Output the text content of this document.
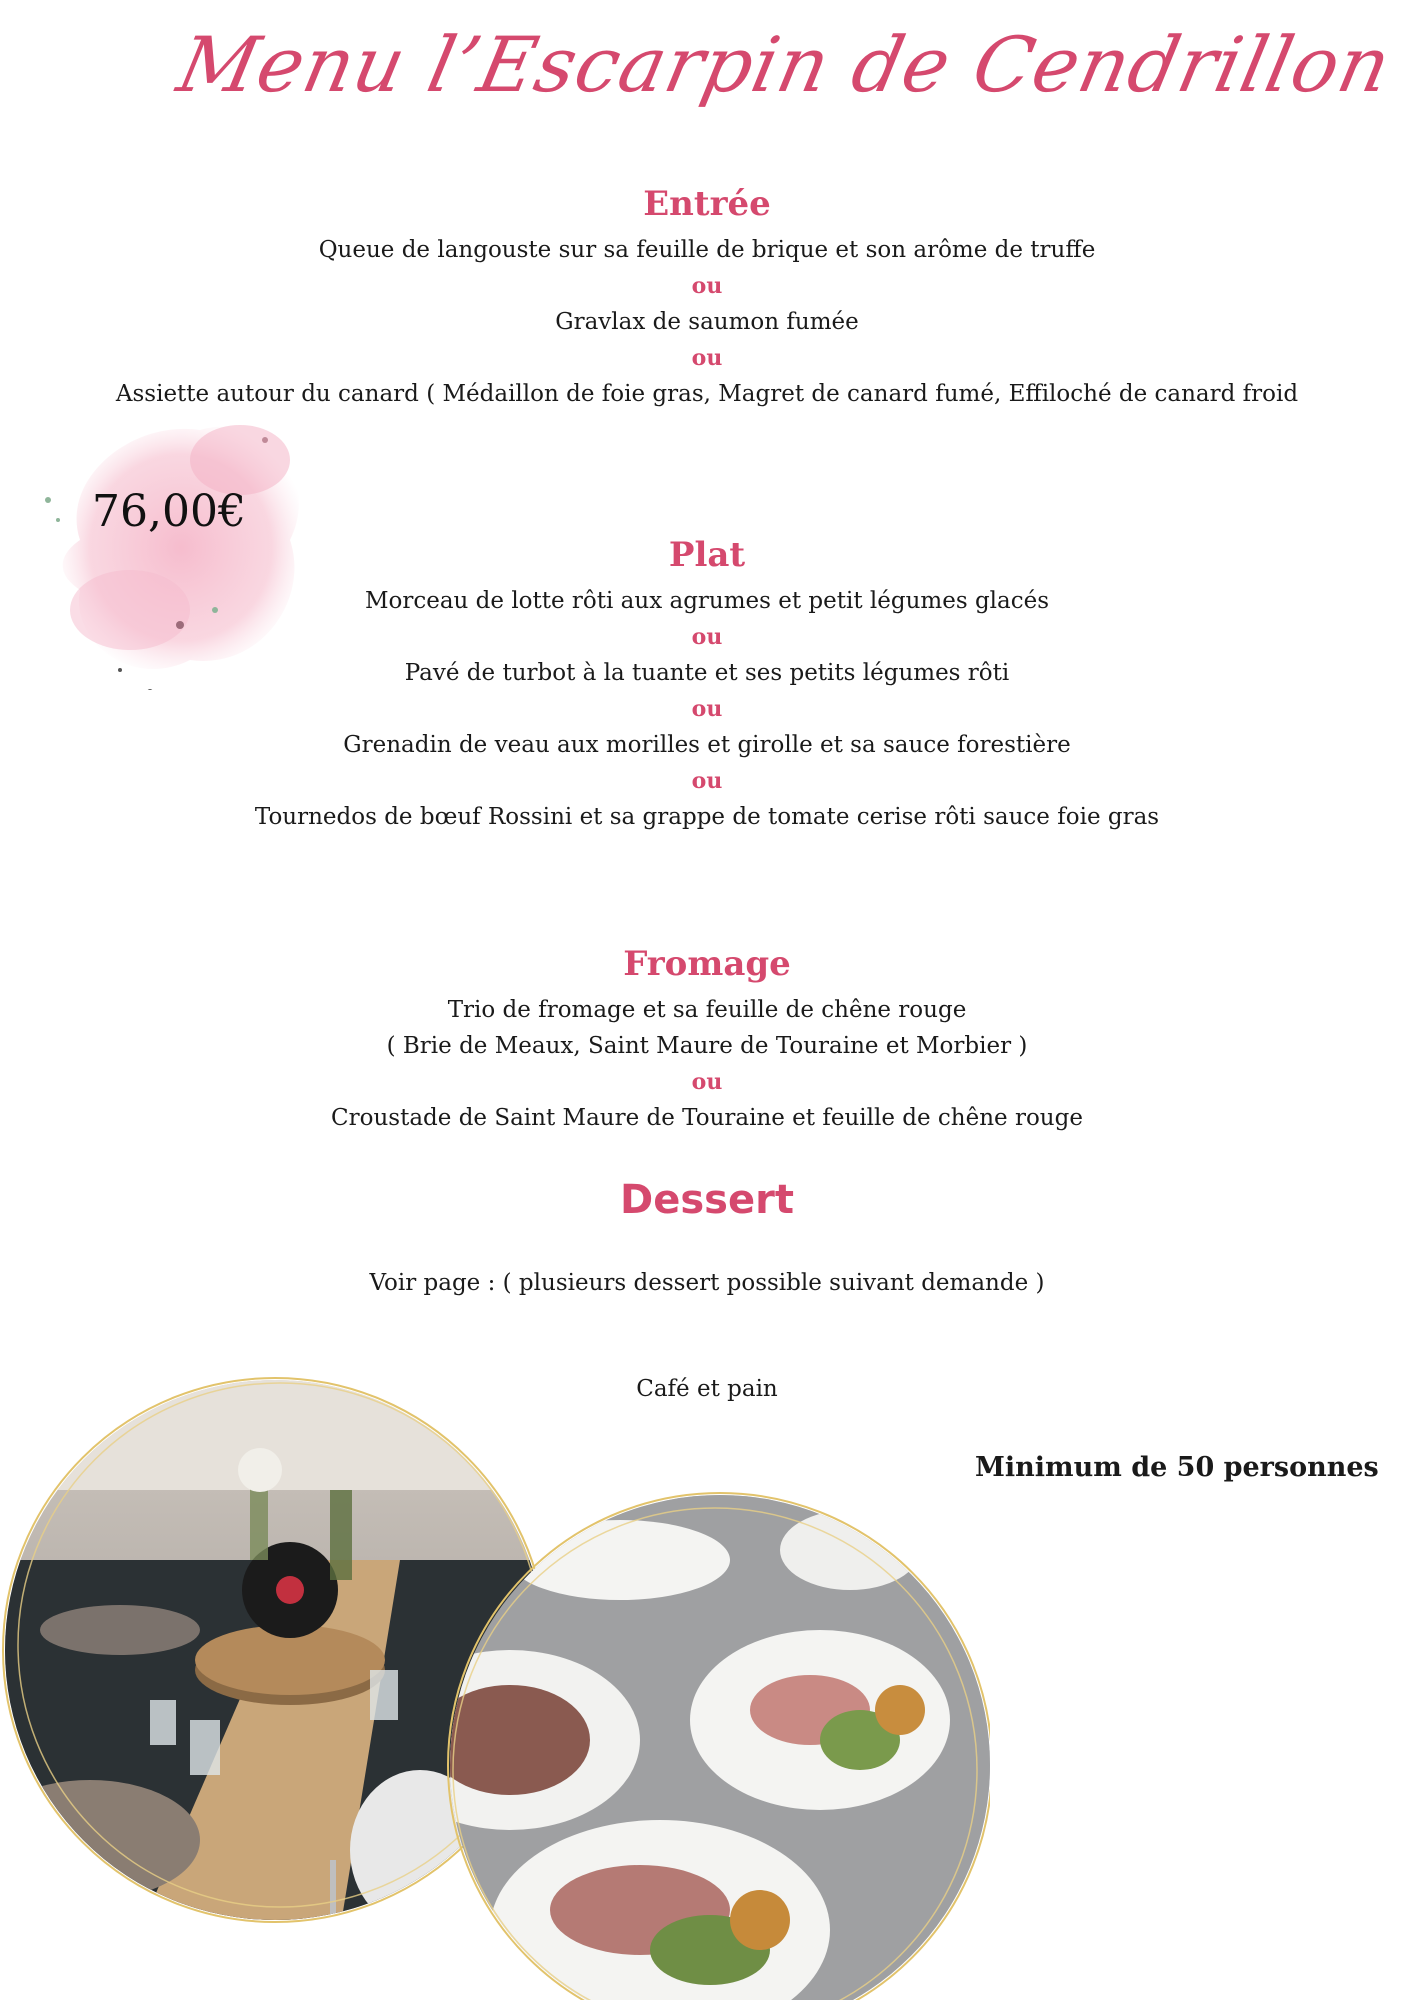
Menu l’Escarpin de Cendrillon
76,00€
Entrée

Queue de langouste sur sa feuille de brique et son arôme de truffe

ou

Gravlax de saumon fumée

ou

Assiette autour du canard ( Médaillon de foie gras, Magret de canard fumé, Effiloché de canard froid

Plat

Morceau de lotte rôti aux agrumes et petit légumes glacés

ou

Pavé de turbot à la tuante et ses petits légumes rôti

ou

Grenadin de veau aux morilles et girolle et sa sauce forestière

ou

Tournedos de bœuf Rossini et sa grappe de tomate cerise rôti sauce foie gras

Fromage

Trio de fromage et sa feuille de chêne rouge

( Brie de Meaux, Saint Maure de Touraine et Morbier )

ou

Croustade de Saint Maure de Touraine et feuille de chêne rouge

Dessert
Voir page : ( plusieurs dessert possible suivant demande )
Café et pain
Minimum de 50 personnes
